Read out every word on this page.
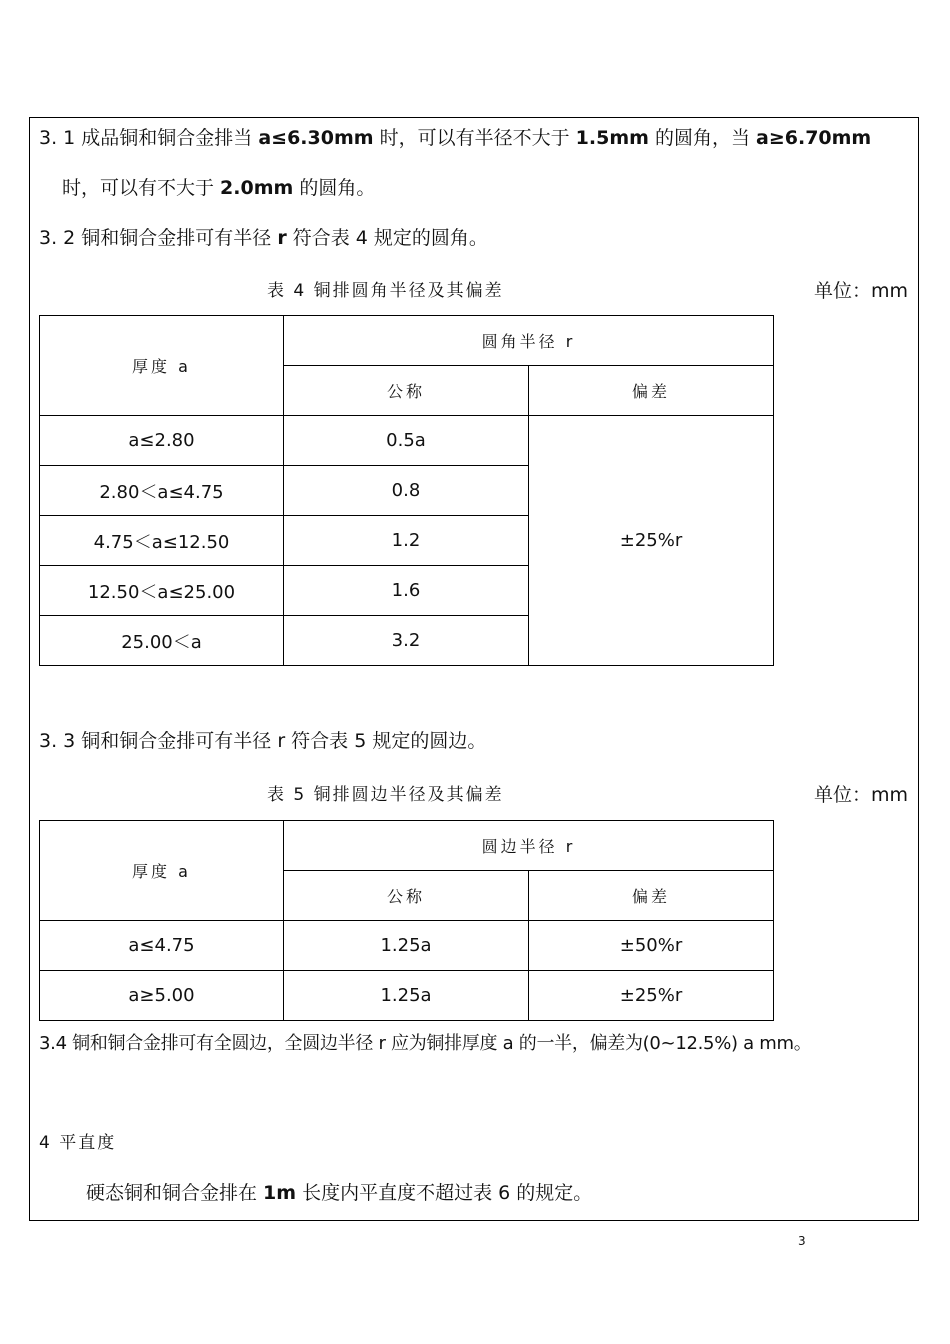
3. 1 成品铜和铜合金排当 a≤6.30mm 时，可以有半径不大于 1.5mm 的圆角，当 a≥6.70mm
时，可以有不大于 2.0mm 的圆角。
3. 2 铜和铜合金排可有半径 r 符合表 4 规定的圆角。
表 4 铜排圆角半径及其偏差	单位：mm
厚度 a	圆角半径 r	
	公称	偏差
a≤2.80	0.5a	±25%r
2.80＜a≤4.75	0.8	
4.75＜a≤12.50	1.2	
12.50＜a≤25.00	1.6	
25.00＜a	3.2	
3. 3 铜和铜合金排可有半径 r 符合表 5 规定的圆边。
表 5 铜排圆边半径及其偏差	单位：mm
厚度 a	圆边半径 r	
	公称	偏差
a≤4.75	1.25a	±50%r
a≥5.00	1.25a	±25%r
3.4 铜和铜合金排可有全圆边，全圆边半径 r 应为铜排厚度 a 的一半，偏差为(0~12.5%) a mm。
4 平直度
硬态铜和铜合金排在 1m 长度内平直度不超过表 6 的规定。
3
